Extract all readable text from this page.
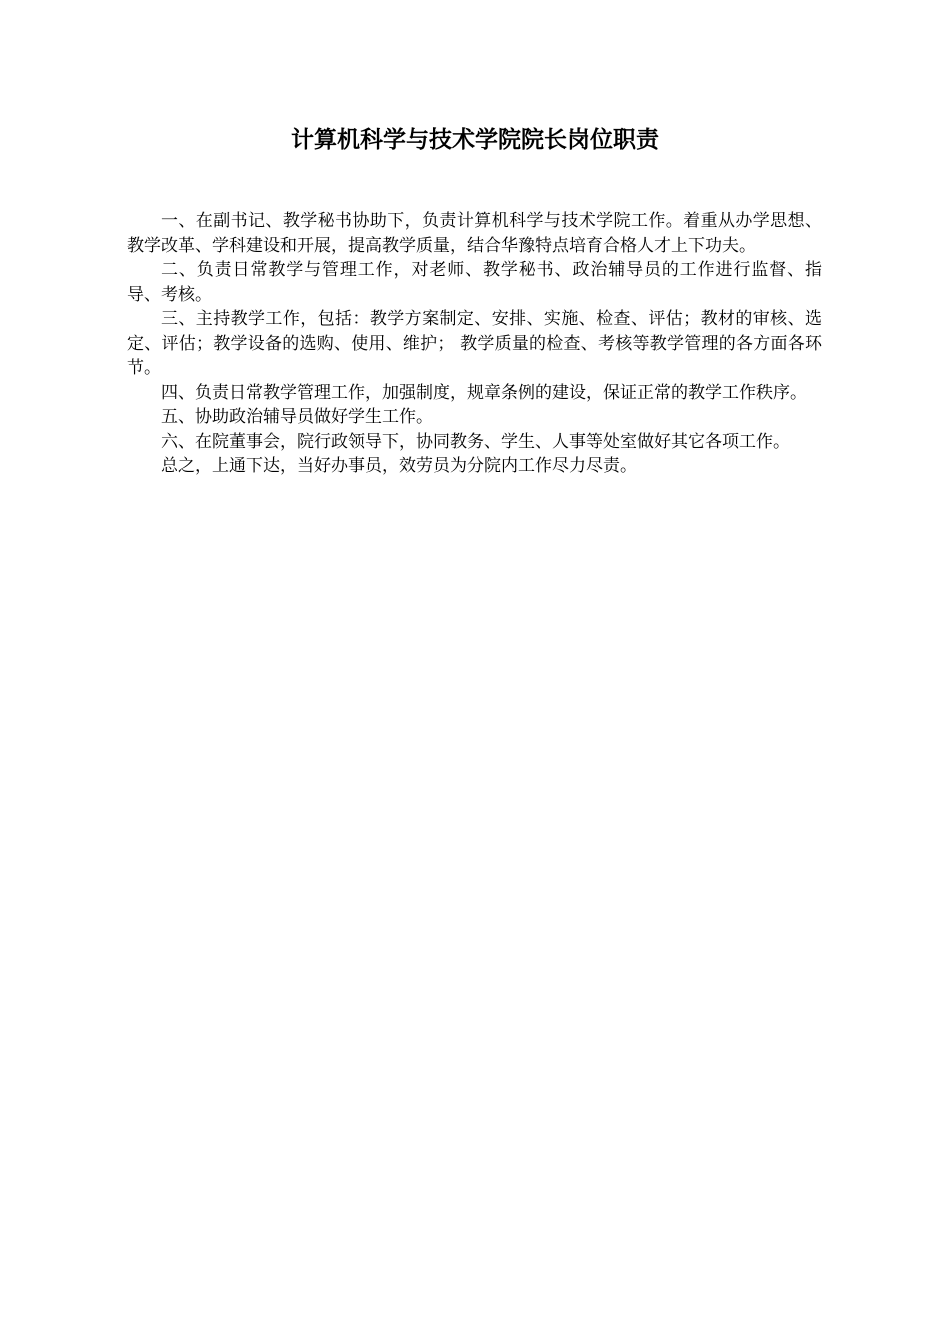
计算机科学与技术学院院长岗位职责

一、在副书记、教学秘书协助下，负责计算机科学与技术学院工作。着重从办学思想、教学改革、学科建设和开展，提高教学质量，结合华豫特点培育合格人才上下功夫。

二、负责日常教学与管理工作，对老师、教学秘书、政治辅导员的工作进行监督、指导、考核。

三、主持教学工作，包括：教学方案制定、安排、实施、检查、评估；教材的审核、选定、评估；教学设备的选购、使用、维护； 教学质量的检查、考核等教学管理的各方面各环节。

四、负责日常教学管理工作，加强制度，规章条例的建设，保证正常的教学工作秩序。

五、协助政治辅导员做好学生工作。

六、在院董事会，院行政领导下，协同教务、学生、人事等处室做好其它各项工作。

总之，上通下达，当好办事员，效劳员为分院内工作尽力尽责。
